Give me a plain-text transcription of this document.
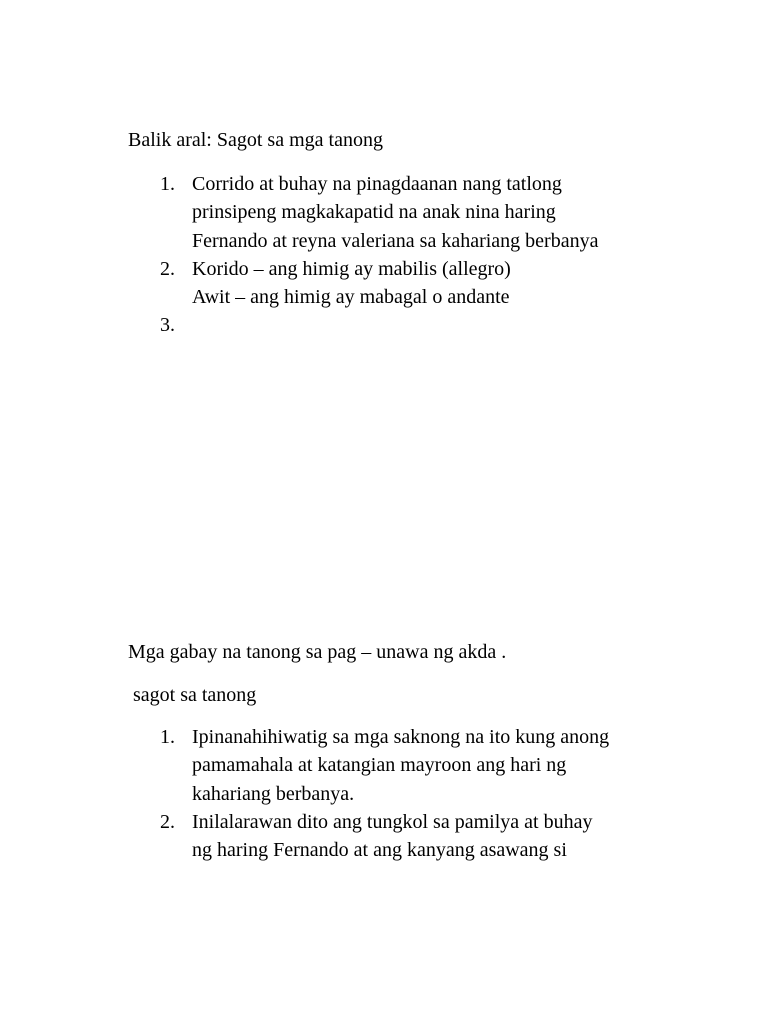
Balik aral: Sagot sa mga tanong
1. Corrido at buhay na pinagdaanan nang tatlong
prinsipeng magkakapatid na anak nina haring
Fernando at reyna valeriana sa kahariang berbanya
2. Korido – ang himig ay mabilis (allegro)
Awit – ang himig ay mabagal o andante
3.

Mga gabay na tanong sa pag – unawa ng akda .
sagot sa tanong
1. Ipinanahihiwatig sa mga saknong na ito kung anong
pamamahala at katangian mayroon ang hari ng
kahariang berbanya.
2. Inilalarawan dito ang tungkol sa pamilya at buhay
ng haring Fernando at ang kanyang asawang si
